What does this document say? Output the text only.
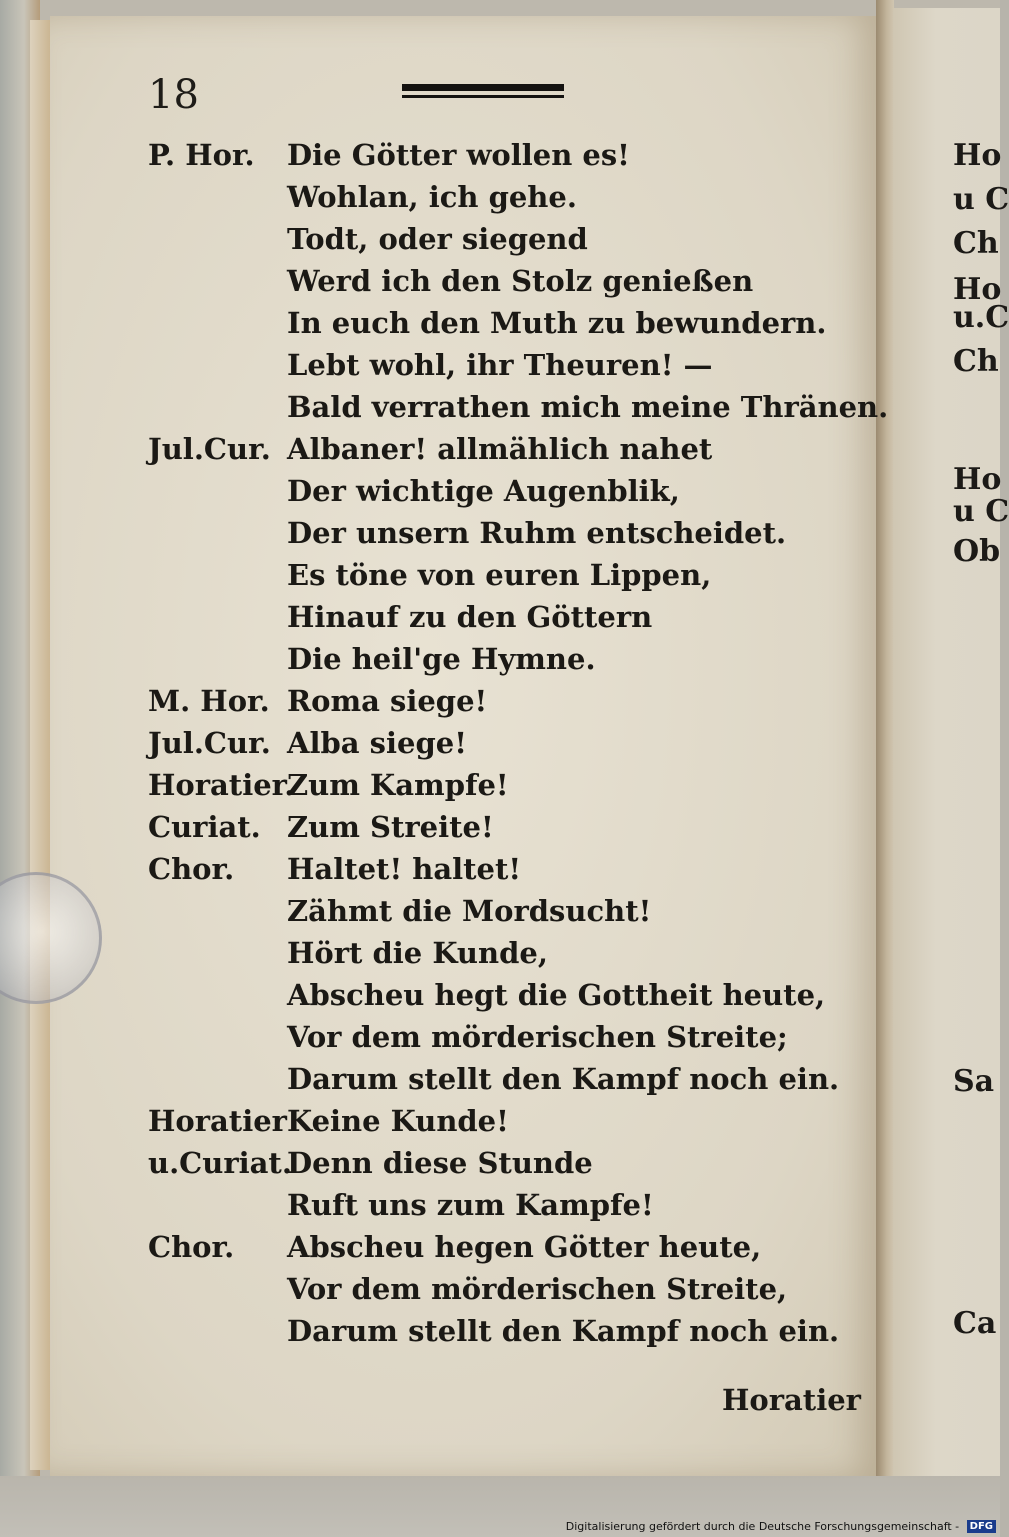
Ho
u C
Ch
Ho
u.C
Ch
Ho
u C
Ob
Sa
Ca
18
P. Hor. Die Götter wollen es!
Wohlan, ich gehe.
Todt, oder siegend
Werd ich den Stolz genießen
In euch den Muth zu bewundern.
Lebt wohl, ihr Theuren! —
Bald verrathen mich meine Thränen.
Jul.Cur. Albaner! allmählich nahet
Der wichtige Augenblik,
Der unsern Ruhm entscheidet.
Es töne von euren Lippen,
Hinauf zu den Göttern
Die heil'ge Hymne.
M. Hor. Roma siege!
Jul.Cur. Alba siege!
Horatier.
Zum Kampfe!
Curiat. Zum Streite!
Chor. Haltet! haltet!
Zähmt die Mordsucht!
Hört die Kunde,
Abscheu hegt die Gottheit heute,
Vor dem mörderischen Streite;
Darum stellt den Kampf noch ein.
Horatier Keine Kunde!
u.Curiat.
Denn diese Stunde
Ruft uns zum Kampfe!
Chor. Abscheu hegen Götter heute,
Vor dem mörderischen Streite,
Darum stellt den Kampf noch ein.
Horatier
Digitalisierung gefördert durch die Deutsche Forschungsgemeinschaft - DFG
